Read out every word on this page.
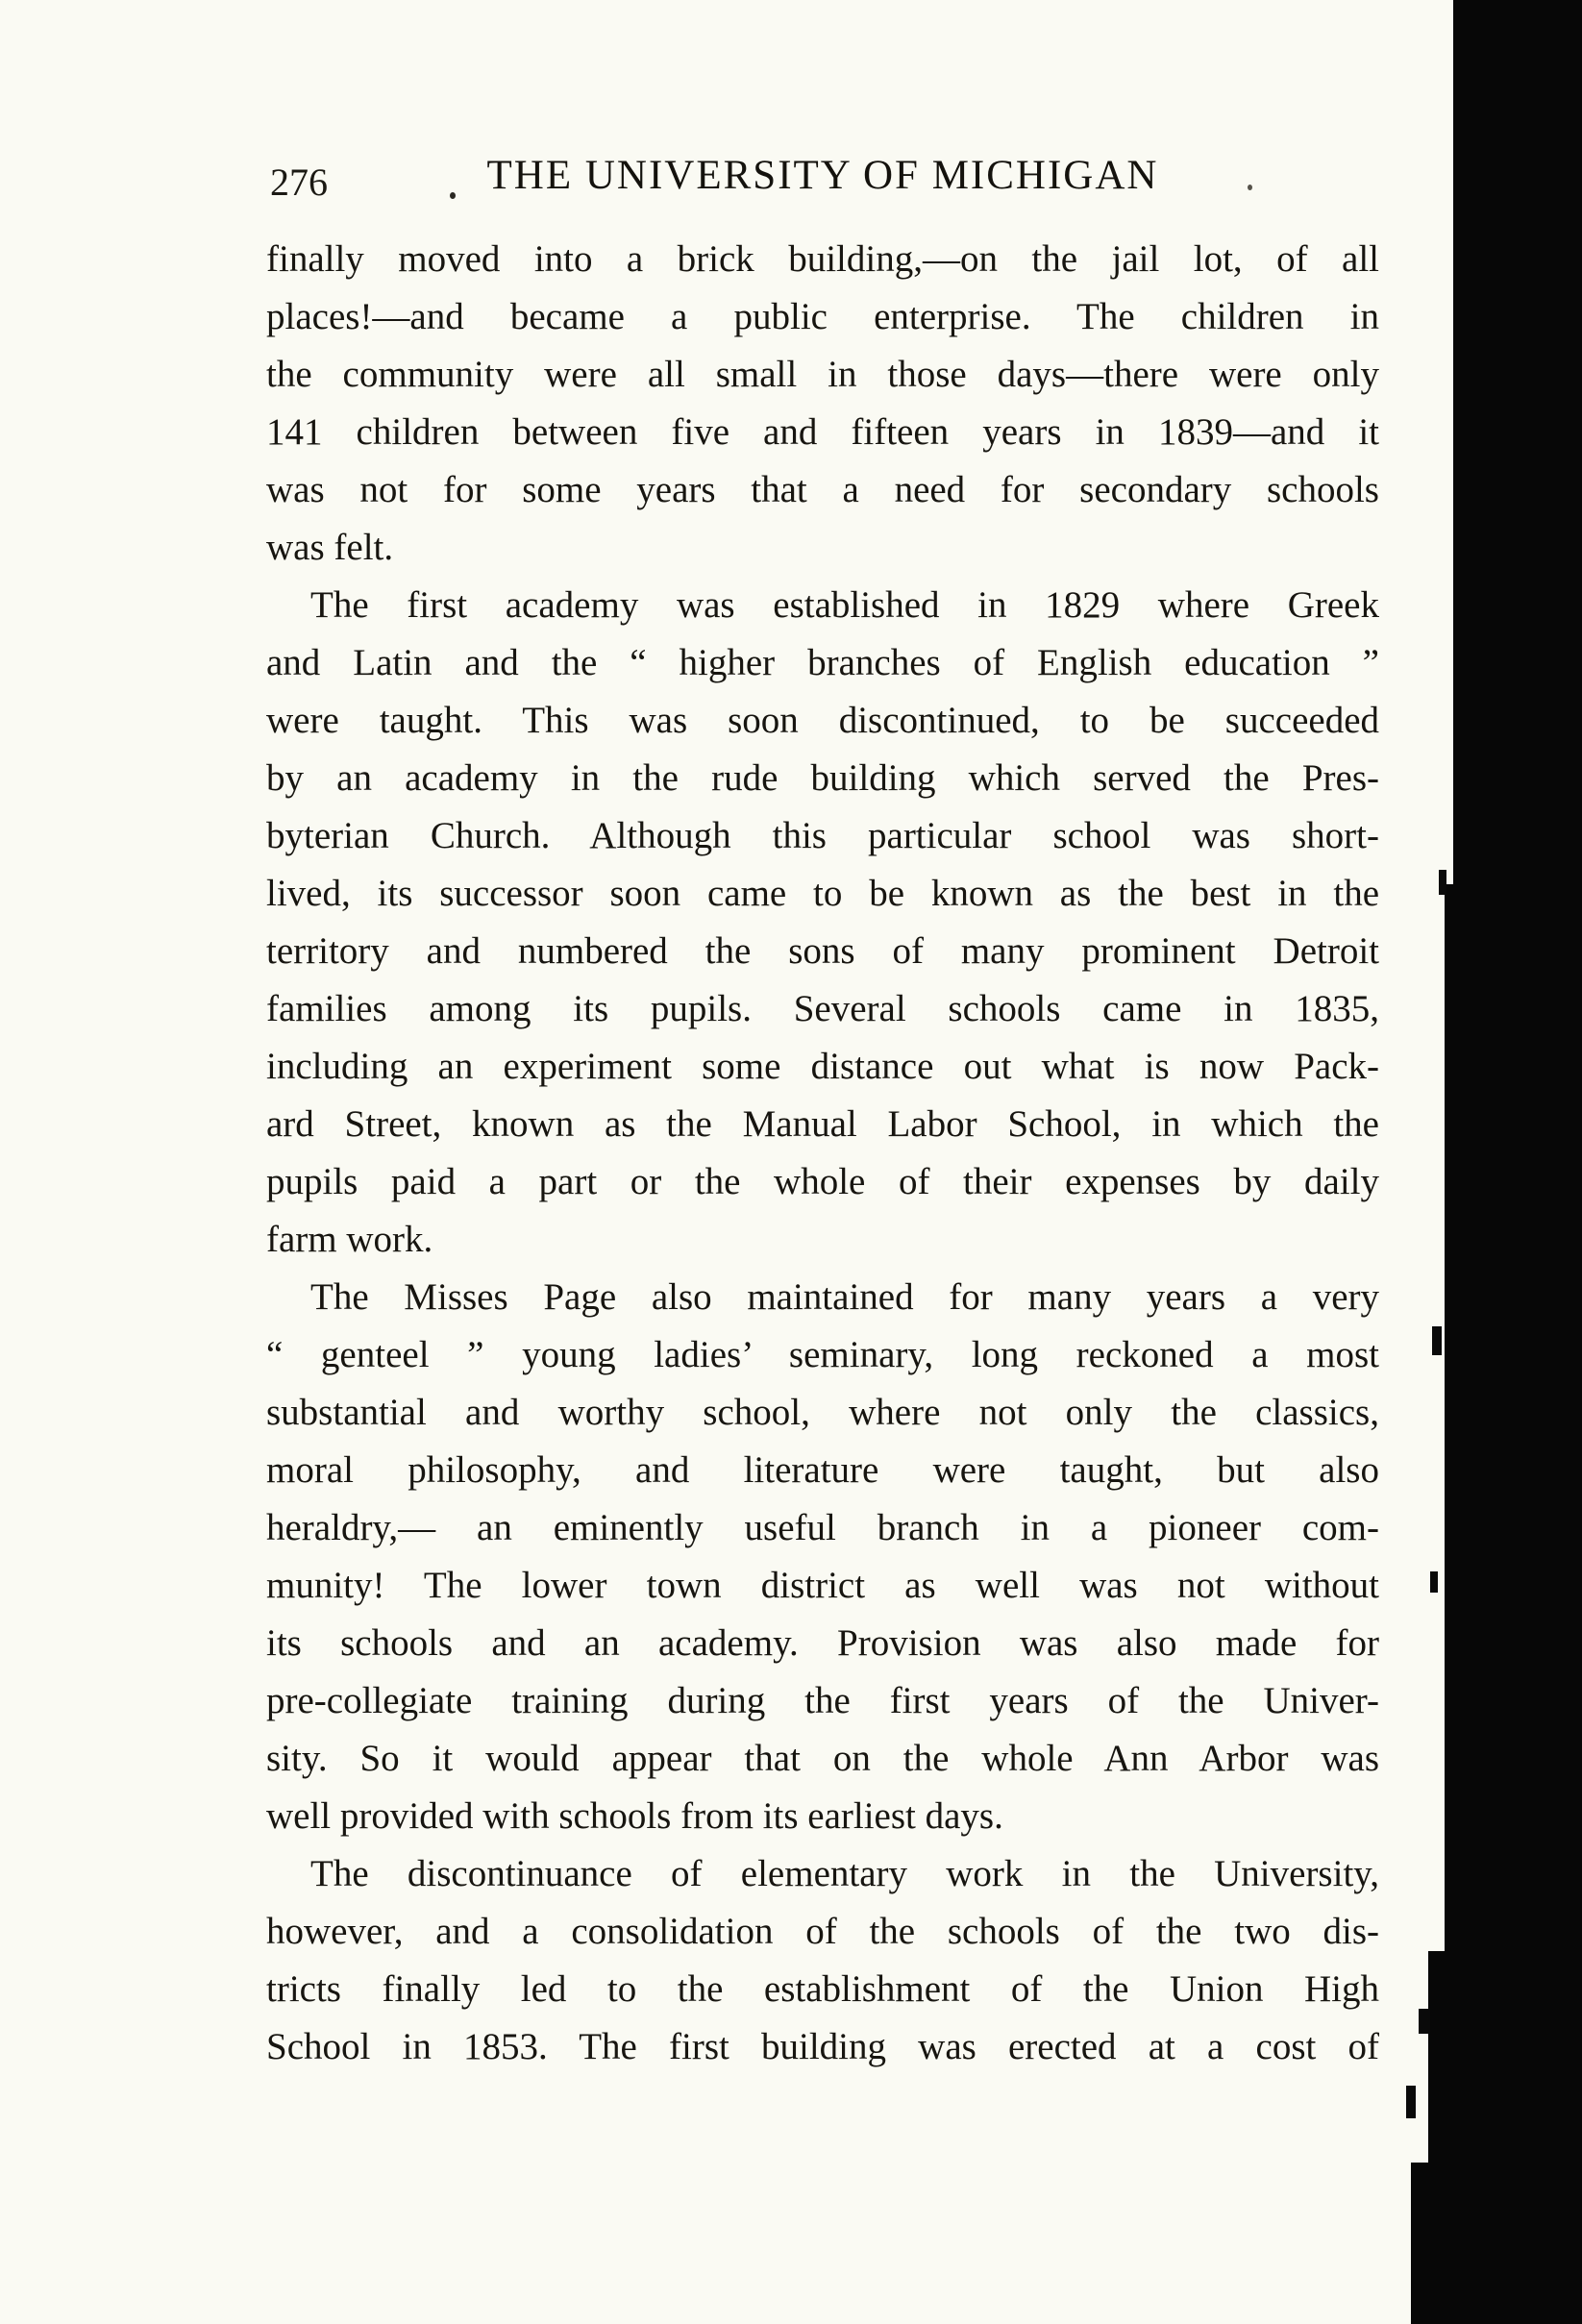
276	THE UNIVERSITY OF MICHIGAN
finally moved into a brick building,—on the jail lot, of all
places!—and became a public enterprise. The children in
the community were all small in those days—there were only
141 children between five and fifteen years in 1839—and it
was not for some years that a need for secondary schools
was felt.
The first academy was established in 1829 where Greek
and Latin and the “ higher branches of English education ”
were taught. This was soon discontinued, to be succeeded
by an academy in the rude building which served the Pres-
byterian Church. Although this particular school was short-
lived, its successor soon came to be known as the best in the
territory and numbered the sons of many prominent Detroit
families among its pupils. Several schools came in 1835,
including an experiment some distance out what is now Pack-
ard Street, known as the Manual Labor School, in which the
pupils paid a part or the whole of their expenses by daily
farm work.
The Misses Page also maintained for many years a very
“ genteel ” young ladies’ seminary, long reckoned a most
substantial and worthy school, where not only the classics,
moral philosophy, and literature were taught, but also
heraldry,— an eminently useful branch in a pioneer com-
munity! The lower town district as well was not without
its schools and an academy. Provision was also made for
pre-collegiate training during the first years of the Univer-
sity. So it would appear that on the whole Ann Arbor was
well provided with schools from its earliest days.
The discontinuance of elementary work in the University,
however, and a consolidation of the schools of the two dis-
tricts finally led to the establishment of the Union High
School in 1853. The first building was erected at a cost of
